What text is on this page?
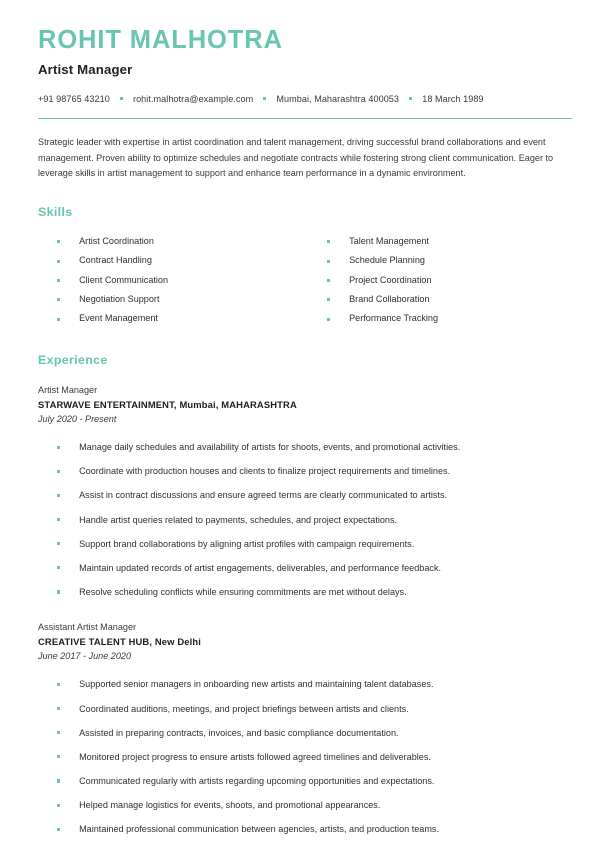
ROHIT MALHOTRA
Artist Manager
+91 98765 43210	rohit.malhotra@example.com	Mumbai, Maharashtra 400053	18 March 1989
Strategic leader with expertise in artist coordination and talent management, driving successful brand collaborations and event management. Proven ability to optimize schedules and negotiate contracts while fostering strong client communication. Eager to leverage skills in artist management to support and enhance team performance in a dynamic environment.
Skills
Artist Coordination	Talent Management
Contract Handling	Schedule Planning
Client Communication	Project Coordination
Negotiation Support	Brand Collaboration
Event Management	Performance Tracking
Experience
Artist Manager
STARWAVE ENTERTAINMENT, Mumbai, MAHARASHTRA
July 2020 - Present
Manage daily schedules and availability of artists for shoots, events, and promotional activities.
Coordinate with production houses and clients to finalize project requirements and timelines.
Assist in contract discussions and ensure agreed terms are clearly communicated to artists.
Handle artist queries related to payments, schedules, and project expectations.
Support brand collaborations by aligning artist profiles with campaign requirements.
Maintain updated records of artist engagements, deliverables, and performance feedback.
Resolve scheduling conflicts while ensuring commitments are met without delays.
Assistant Artist Manager
CREATIVE TALENT HUB, New Delhi
June 2017 - June 2020
Supported senior managers in onboarding new artists and maintaining talent databases.
Coordinated auditions, meetings, and project briefings between artists and clients.
Assisted in preparing contracts, invoices, and basic compliance documentation.
Monitored project progress to ensure artists followed agreed timelines and deliverables.
Communicated regularly with artists regarding upcoming opportunities and expectations.
Helped manage logistics for events, shoots, and promotional appearances.
Maintained professional communication between agencies, artists, and production teams.
